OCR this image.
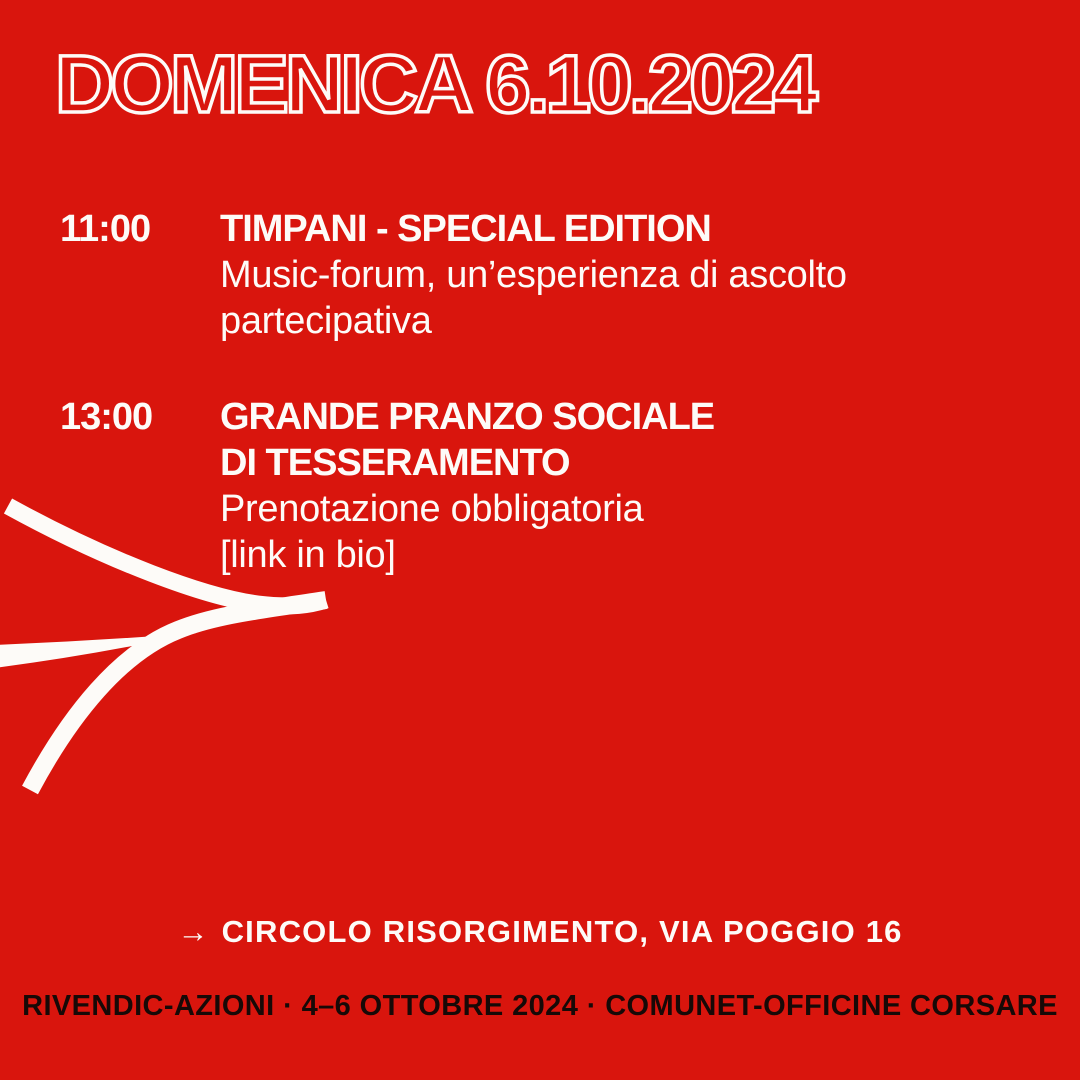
DOMENICA 6.10.2024
11:00	TIMPANI - SPECIAL EDITION
Music-forum, un’esperienza di ascolto
partecipativa
13:00	GRANDE PRANZO SOCIALE
DI TESSERAMENTO
Prenotazione obbligatoria
[link in bio]
→ CIRCOLO RISORGIMENTO, VIA POGGIO 16
RIVENDIC-AZIONI · 4–6 OTTOBRE 2024 · COMUNET-OFFICINE CORSARE
